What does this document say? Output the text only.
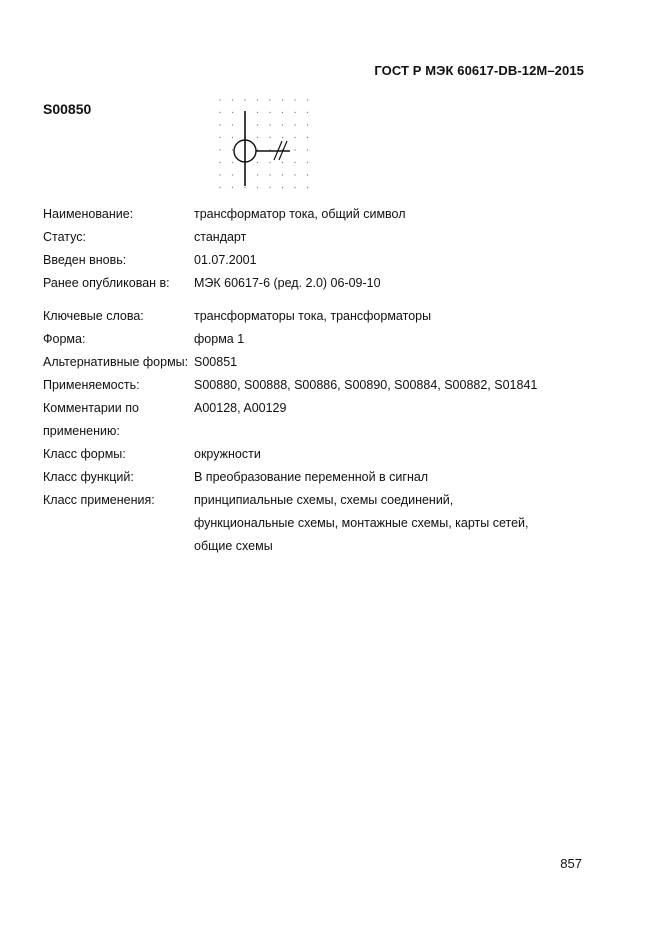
ГОСТ Р МЭК 60617-DB-12M–2015
S00850
Наименование:	трансформатор тока, общий символ
Статус:	стандарт
Введен вновь:	01.07.2001
Ранее опубликован в:	МЭК 60617-6 (ред. 2.0) 06-09-10
Ключевые слова:	трансформаторы тока, трансформаторы
Форма:	форма 1
Альтернативные формы: S00851
Применяемость:	S00880, S00888, S00886, S00890, S00884, S00882, S01841
Комментарии по применению:
A00128, A00129
Класс формы:	окружности
Класс функций:	В преобразование переменной в сигнал
Класс применения:	принципиальные схемы, схемы соединений, функциональные схемы, монтажные схемы, карты сетей, общие схемы
857
